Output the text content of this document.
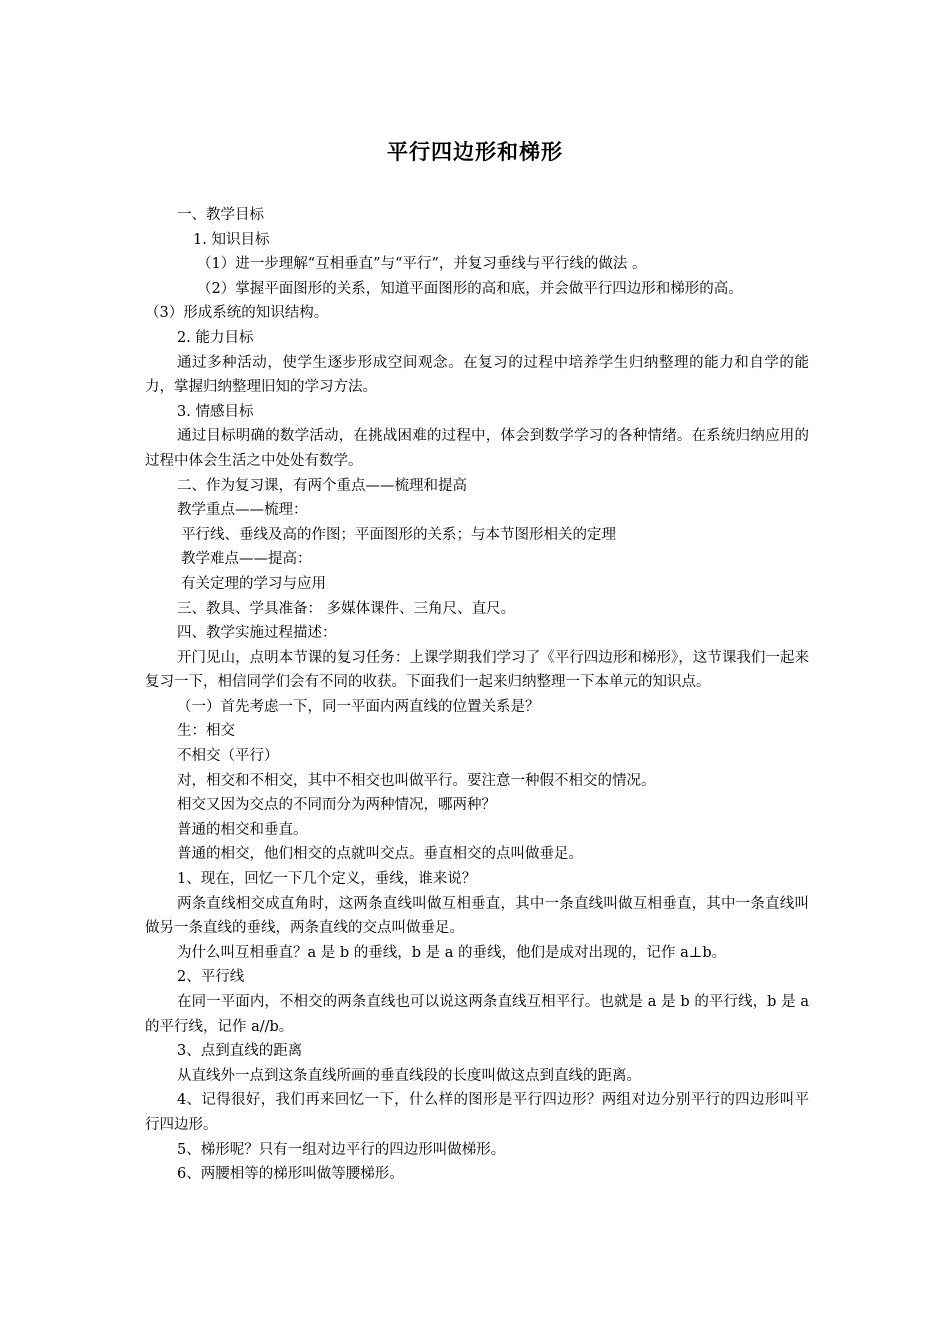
平行四边形和梯形
一、教学目标
1. 知识目标
（1）进一步理解“互相垂直”与“平行”，并复习垂线与平行线的做法 。
（2）掌握平面图形的关系，知道平面图形的高和底，并会做平行四边形和梯形的高。
（3）形成系统的知识结构。
2. 能力目标
通过多种活动，使学生逐步形成空间观念。在复习的过程中培养学生归纳整理的能力和自学的能力，掌握归纳整理旧知的学习方法。
3. 情感目标
通过目标明确的数学活动，在挑战困难的过程中，体会到数学学习的各种情绪。在系统归纳应用的过程中体会生活之中处处有数学。
二、作为复习课，有两个重点——梳理和提高
教学重点——梳理：
平行线、垂线及高的作图；平面图形的关系；与本节图形相关的定理
教学难点——提高：
有关定理的学习与应用
三、教具、学具准备： 多媒体课件、三角尺、直尺。
四、教学实施过程描述：
开门见山，点明本节课的复习任务：上课学期我们学习了《平行四边形和梯形》，这节课我们一起来复习一下，相信同学们会有不同的收获。下面我们一起来归纳整理一下本单元的知识点。
（一）首先考虑一下，同一平面内两直线的位置关系是？
生：相交
不相交（平行）
对，相交和不相交，其中不相交也叫做平行。要注意一种假不相交的情况。
相交又因为交点的不同而分为两种情况，哪两种？
普通的相交和垂直。
普通的相交，他们相交的点就叫交点。垂直相交的点叫做垂足。
1、现在，回忆一下几个定义，垂线，谁来说？
两条直线相交成直角时，这两条直线叫做互相垂直，其中一条直线叫做互相垂直，其中一条直线叫做另一条直线的垂线，两条直线的交点叫做垂足。
为什么叫互相垂直？a 是 b 的垂线，b 是 a 的垂线，他们是成对出现的，记作 a⊥b。
2、平行线
在同一平面内，不相交的两条直线也可以说这两条直线互相平行。也就是 a 是 b 的平行线，b 是 a 的平行线，记作 a//b。
3、点到直线的距离
从直线外一点到这条直线所画的垂直线段的长度叫做这点到直线的距离。
4、记得很好，我们再来回忆一下，什么样的图形是平行四边形？两组对边分别平行的四边形叫平行四边形。
5、梯形呢？只有一组对边平行的四边形叫做梯形。
6、两腰相等的梯形叫做等腰梯形。
